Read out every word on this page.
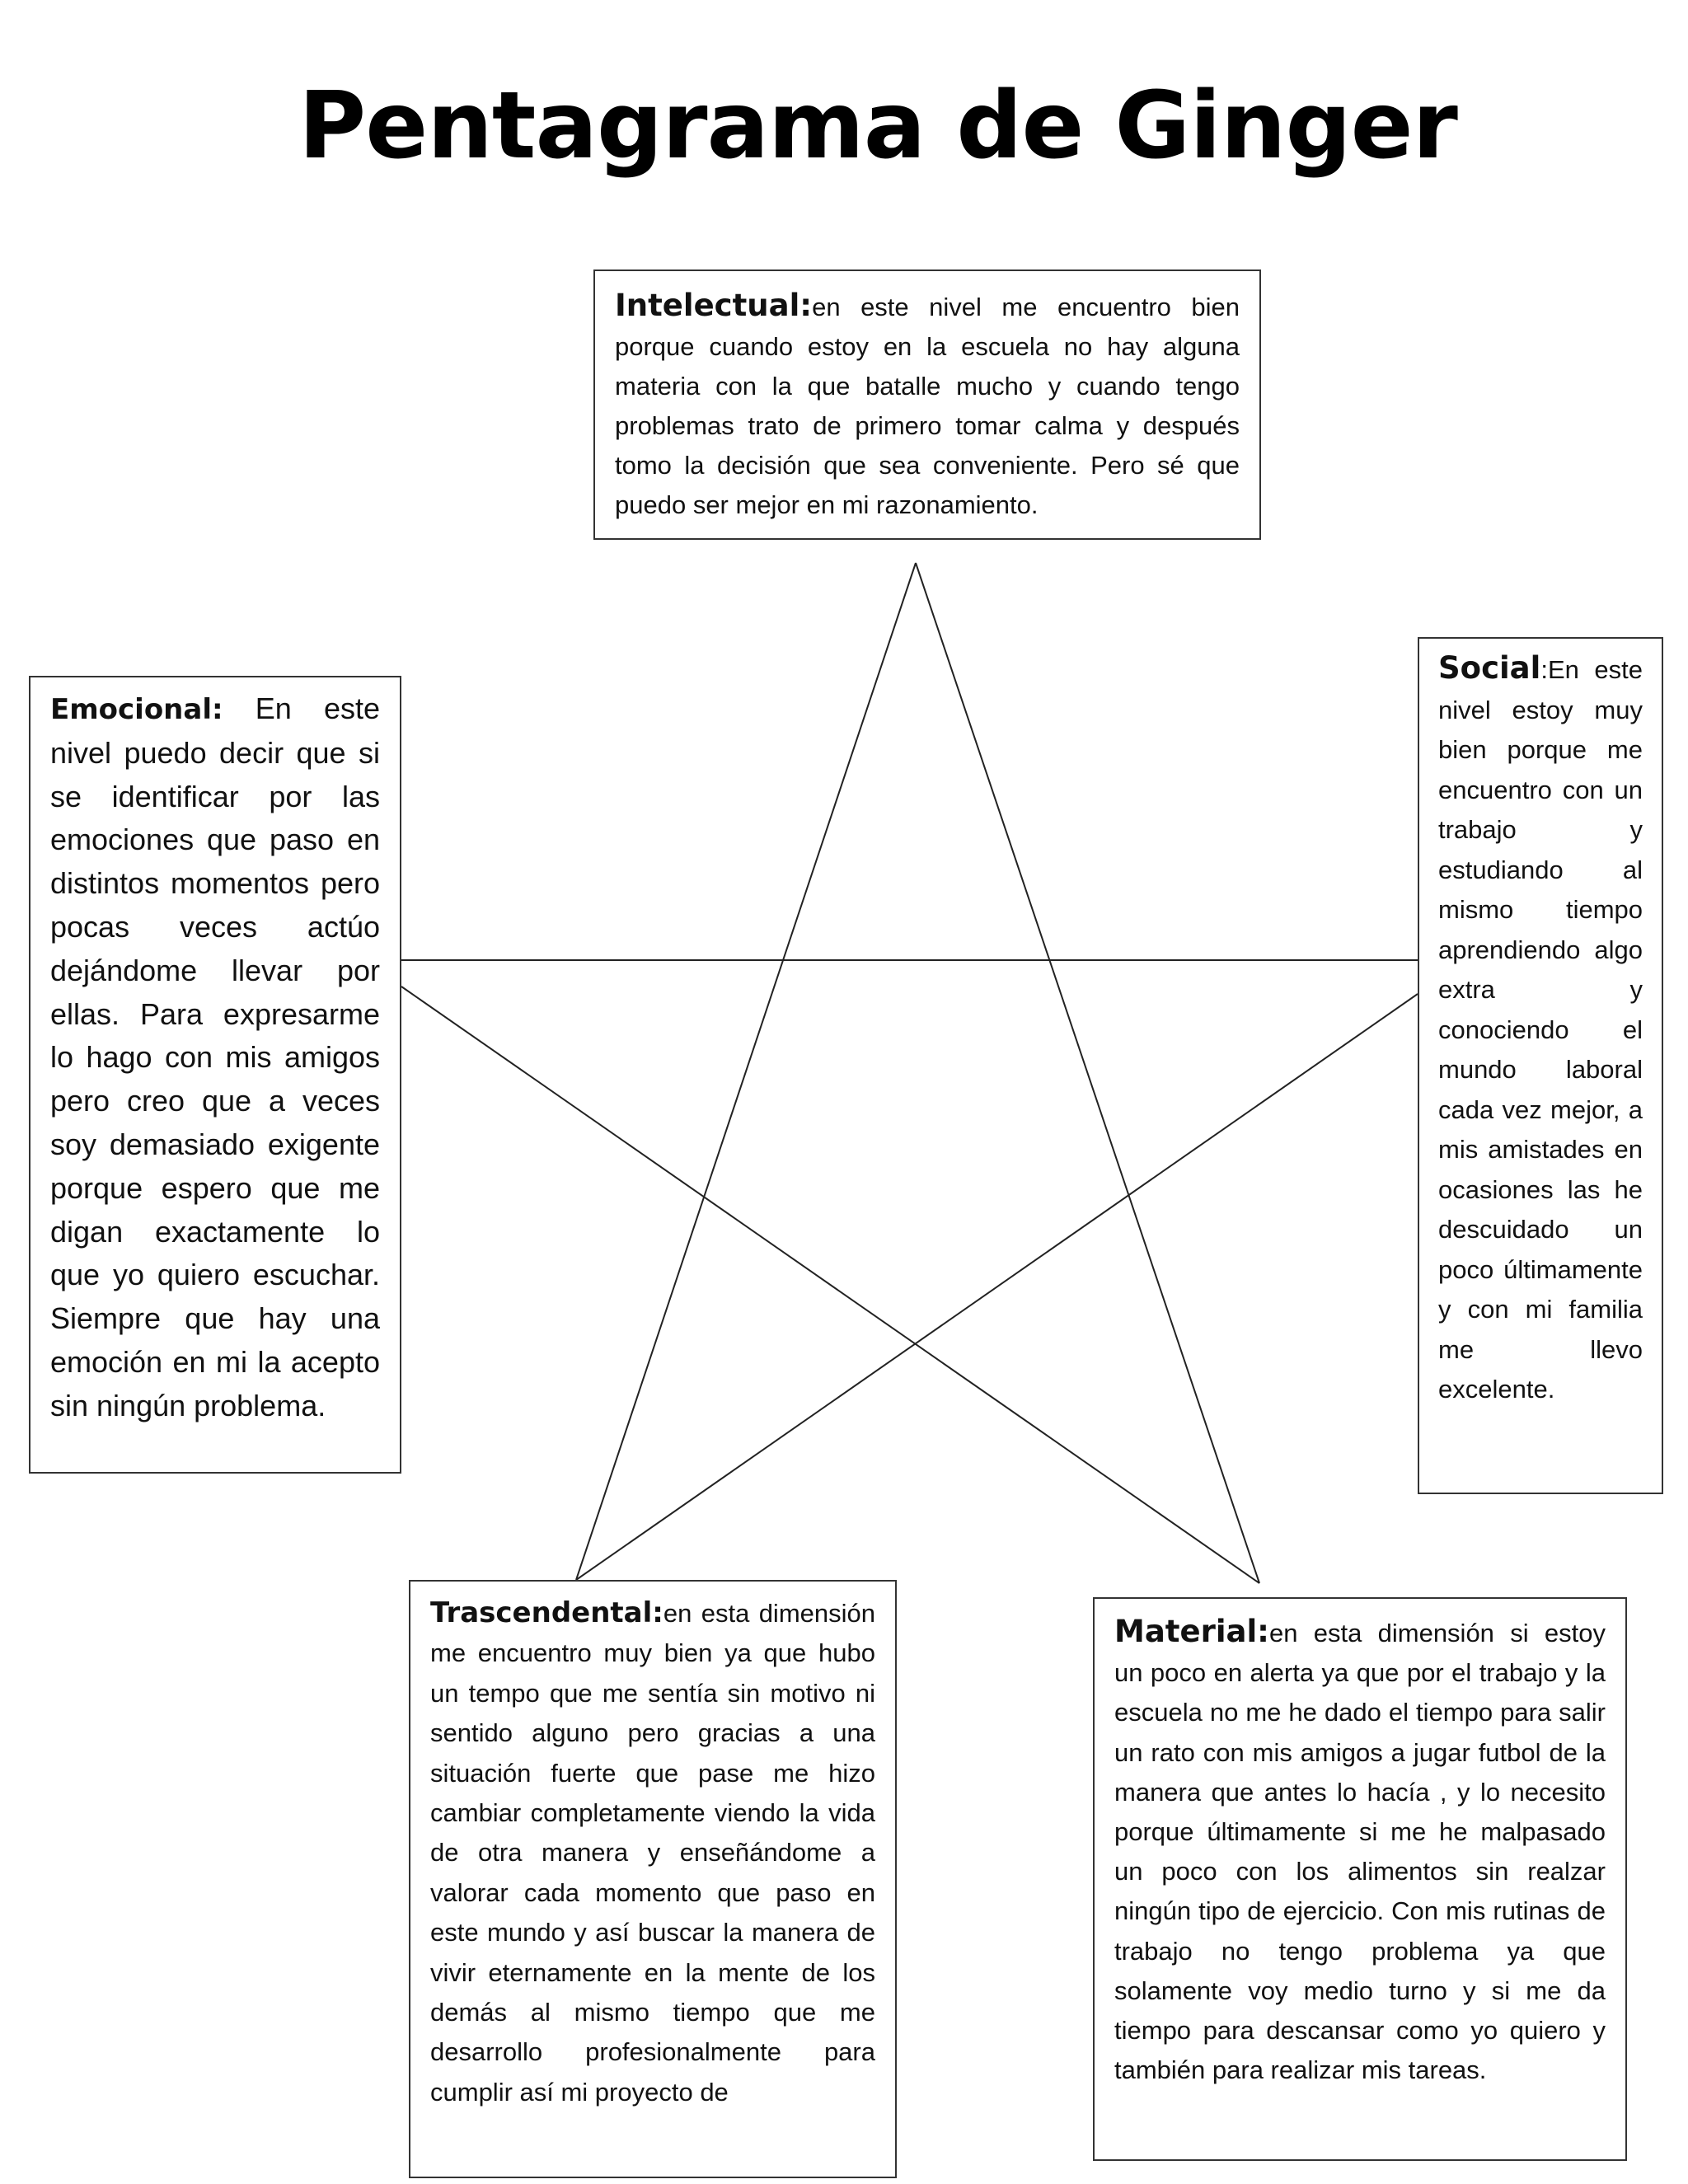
Pentagrama de Ginger
Intelectual:en este nivel me encuentro bien porque cuando estoy en la escuela no hay alguna materia con la que batalle mucho y cuando tengo problemas trato de primero tomar calma y después tomo la decisión que sea conveniente. Pero sé que puedo ser mejor en mi razonamiento.
Emocional: En este nivel puedo decir que si se identificar por las emociones que paso en distintos momentos pero pocas veces actúo dejándome llevar por ellas. Para expresarme lo hago con mis amigos pero creo que a veces soy demasiado exigente porque espero que me digan exactamente lo que yo quiero escuchar. Siempre que hay una emoción en mi la acepto sin ningún problema.
Social:En este nivel estoy muy bien porque me encuentro con un trabajo y estudiando al mismo tiempo aprendiendo algo extra y conociendo el mundo laboral cada vez mejor, a mis amistades en ocasiones las he descuidado un poco últimamente y con mi familia me llevo excelente.
Trascendental:en esta dimensión me encuentro muy bien ya que hubo un tempo que me sentía sin motivo ni sentido alguno pero gracias a una situación fuerte que pase me hizo cambiar completamente viendo la vida de otra manera y enseñándome a valorar cada momento que paso en este mundo y así buscar la manera de vivir eternamente en la mente de los demás al mismo tiempo que me desarrollo profesionalmente para cumplir así mi proyecto de
Material:en esta dimensión si estoy un poco en alerta ya que por el trabajo y la escuela no me he dado el tiempo para salir un rato con mis amigos a jugar futbol de la manera que antes lo hacía , y lo necesito porque últimamente si me he malpasado un poco con los alimentos sin realzar ningún tipo de ejercicio. Con mis rutinas de trabajo no tengo problema ya que solamente voy medio turno y si me da tiempo para descansar como yo quiero y también para realizar mis tareas.
